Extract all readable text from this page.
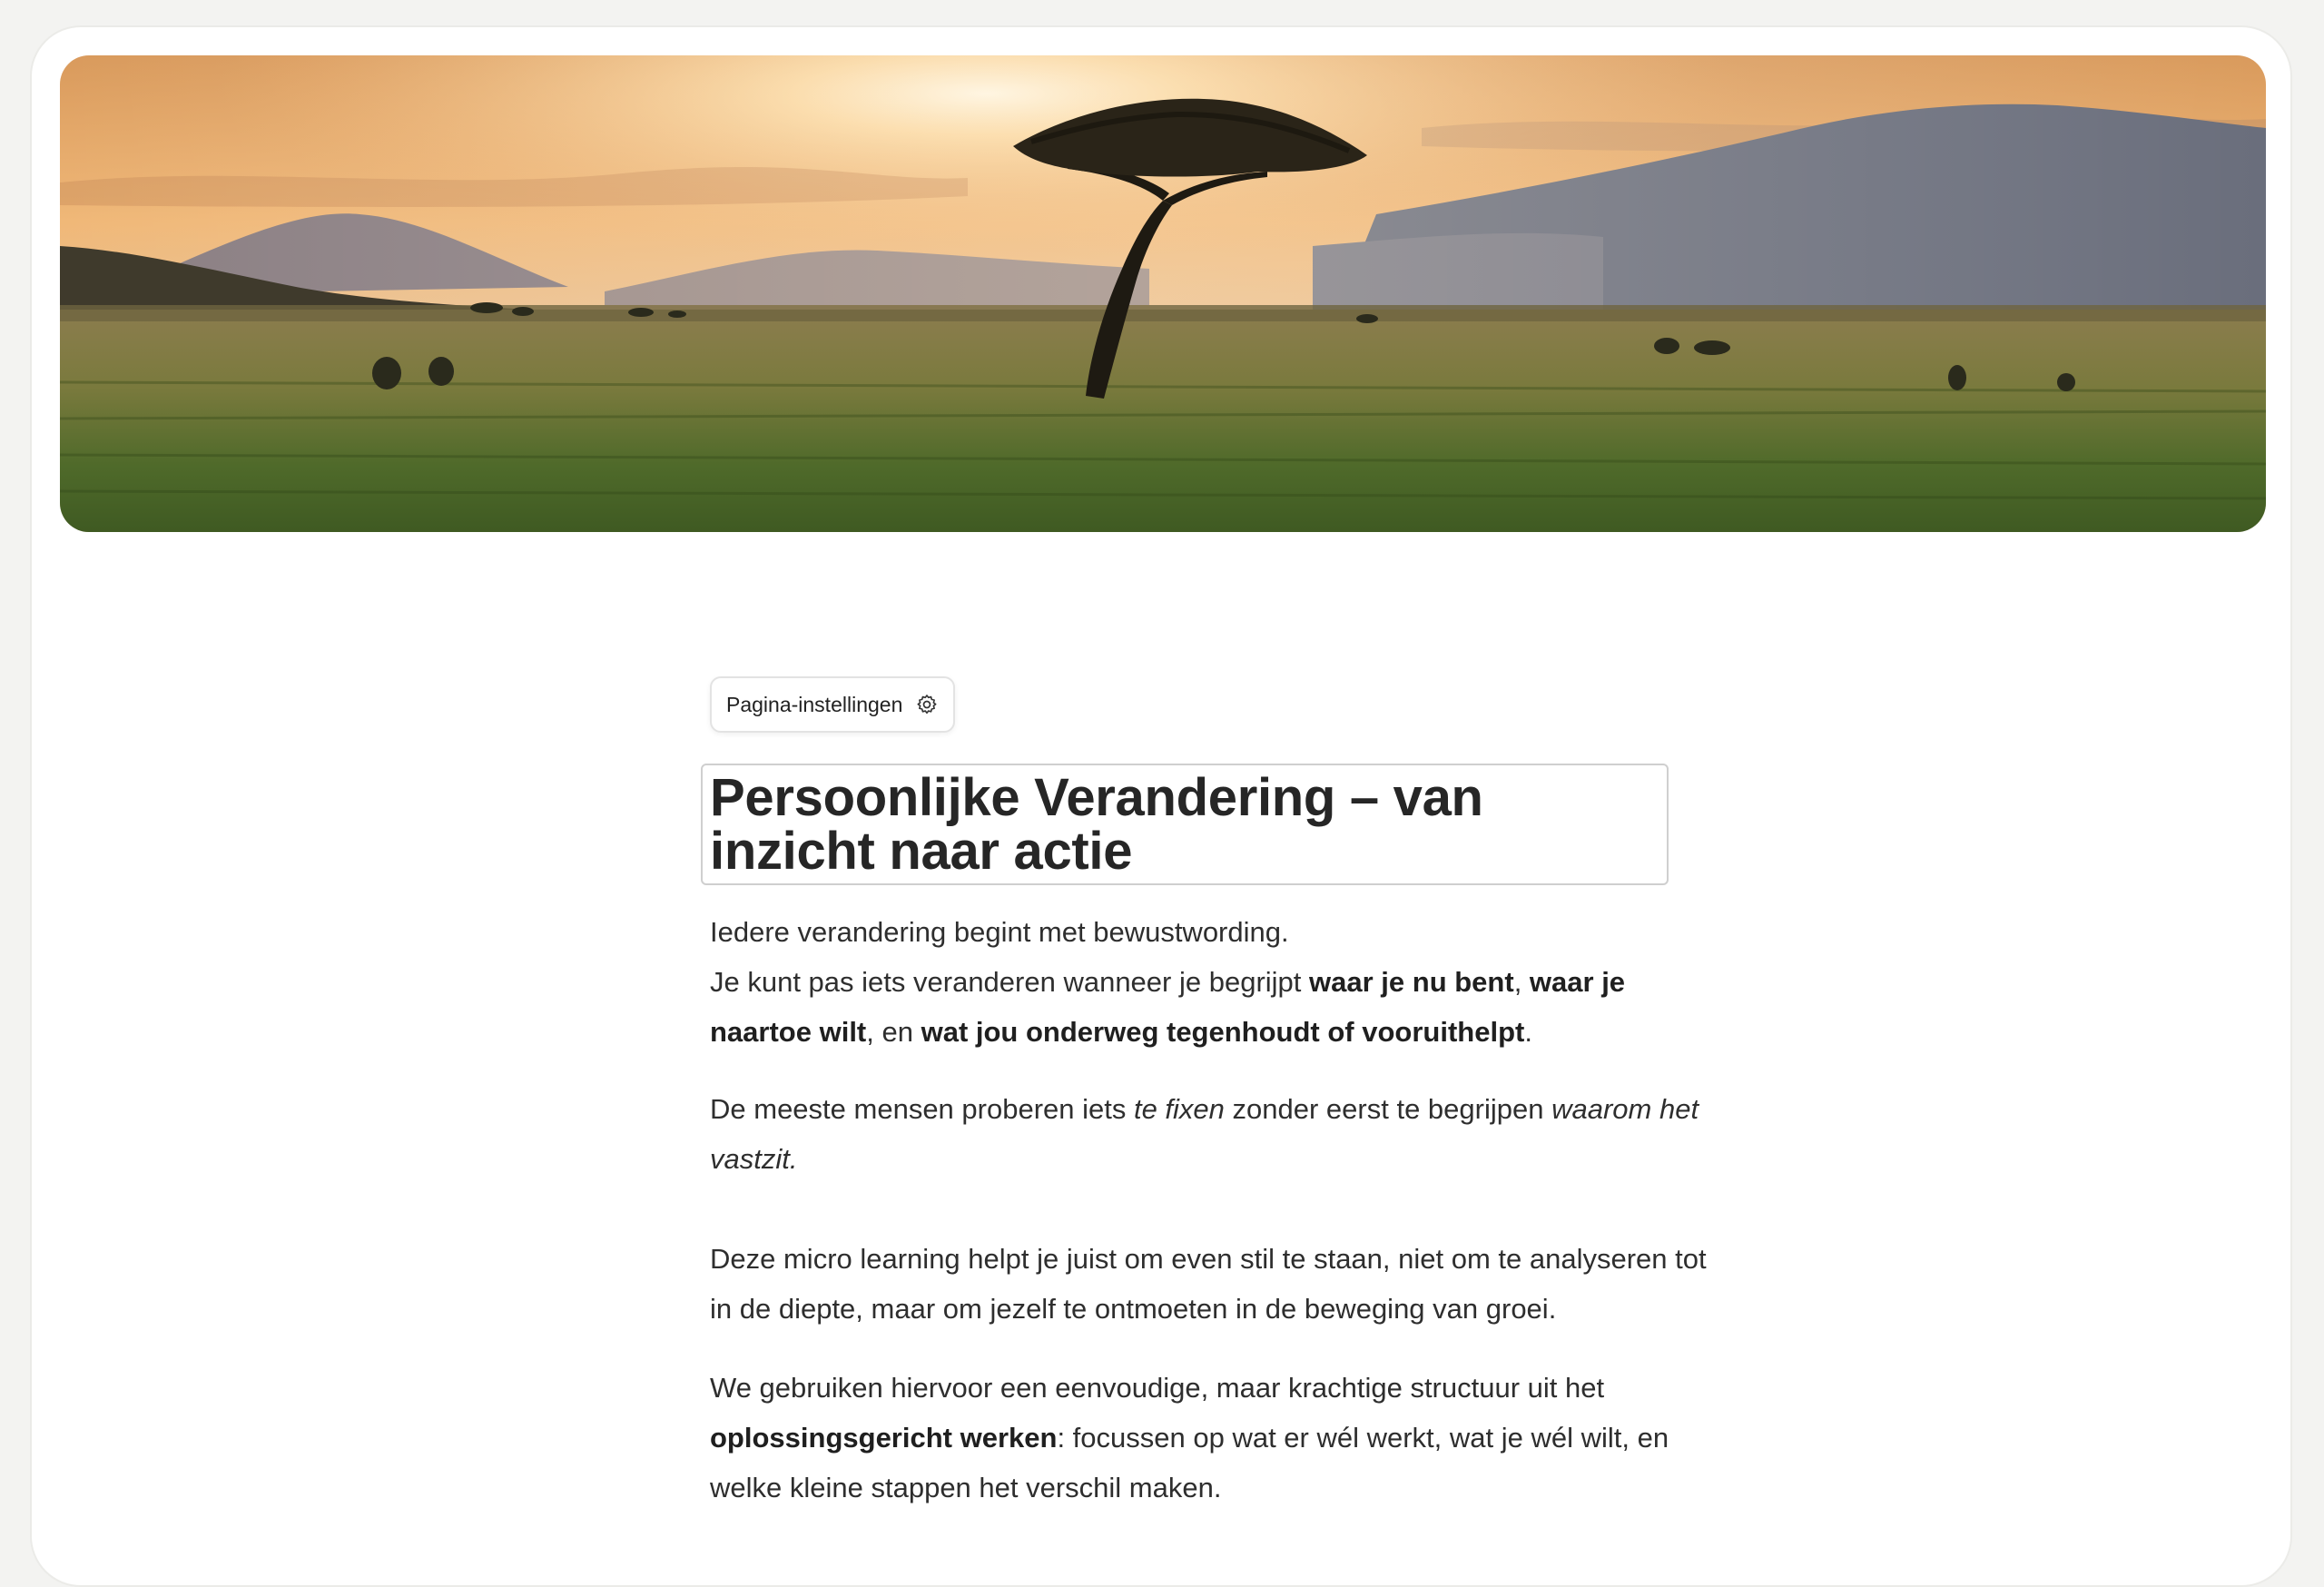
Pagina-instellingen
Persoonlijke Verandering – van inzicht naar actie

Iedere verandering begint met bewustwording.
Je kunt pas iets veranderen wanneer je begrijpt waar je nu bent, waar je naartoe wilt, en wat jou onderweg tegenhoudt of vooruithelpt.

De meeste mensen proberen iets te fixen zonder eerst te begrijpen waarom het vastzit.

Deze micro learning helpt je juist om even stil te staan, niet om te analyseren tot in de diepte, maar om jezelf te ontmoeten in de beweging van groei.

We gebruiken hiervoor een eenvoudige, maar krachtige structuur uit het oplossingsgericht werken: focussen op wat er wél werkt, wat je wél wilt, en welke kleine stappen het verschil maken.
